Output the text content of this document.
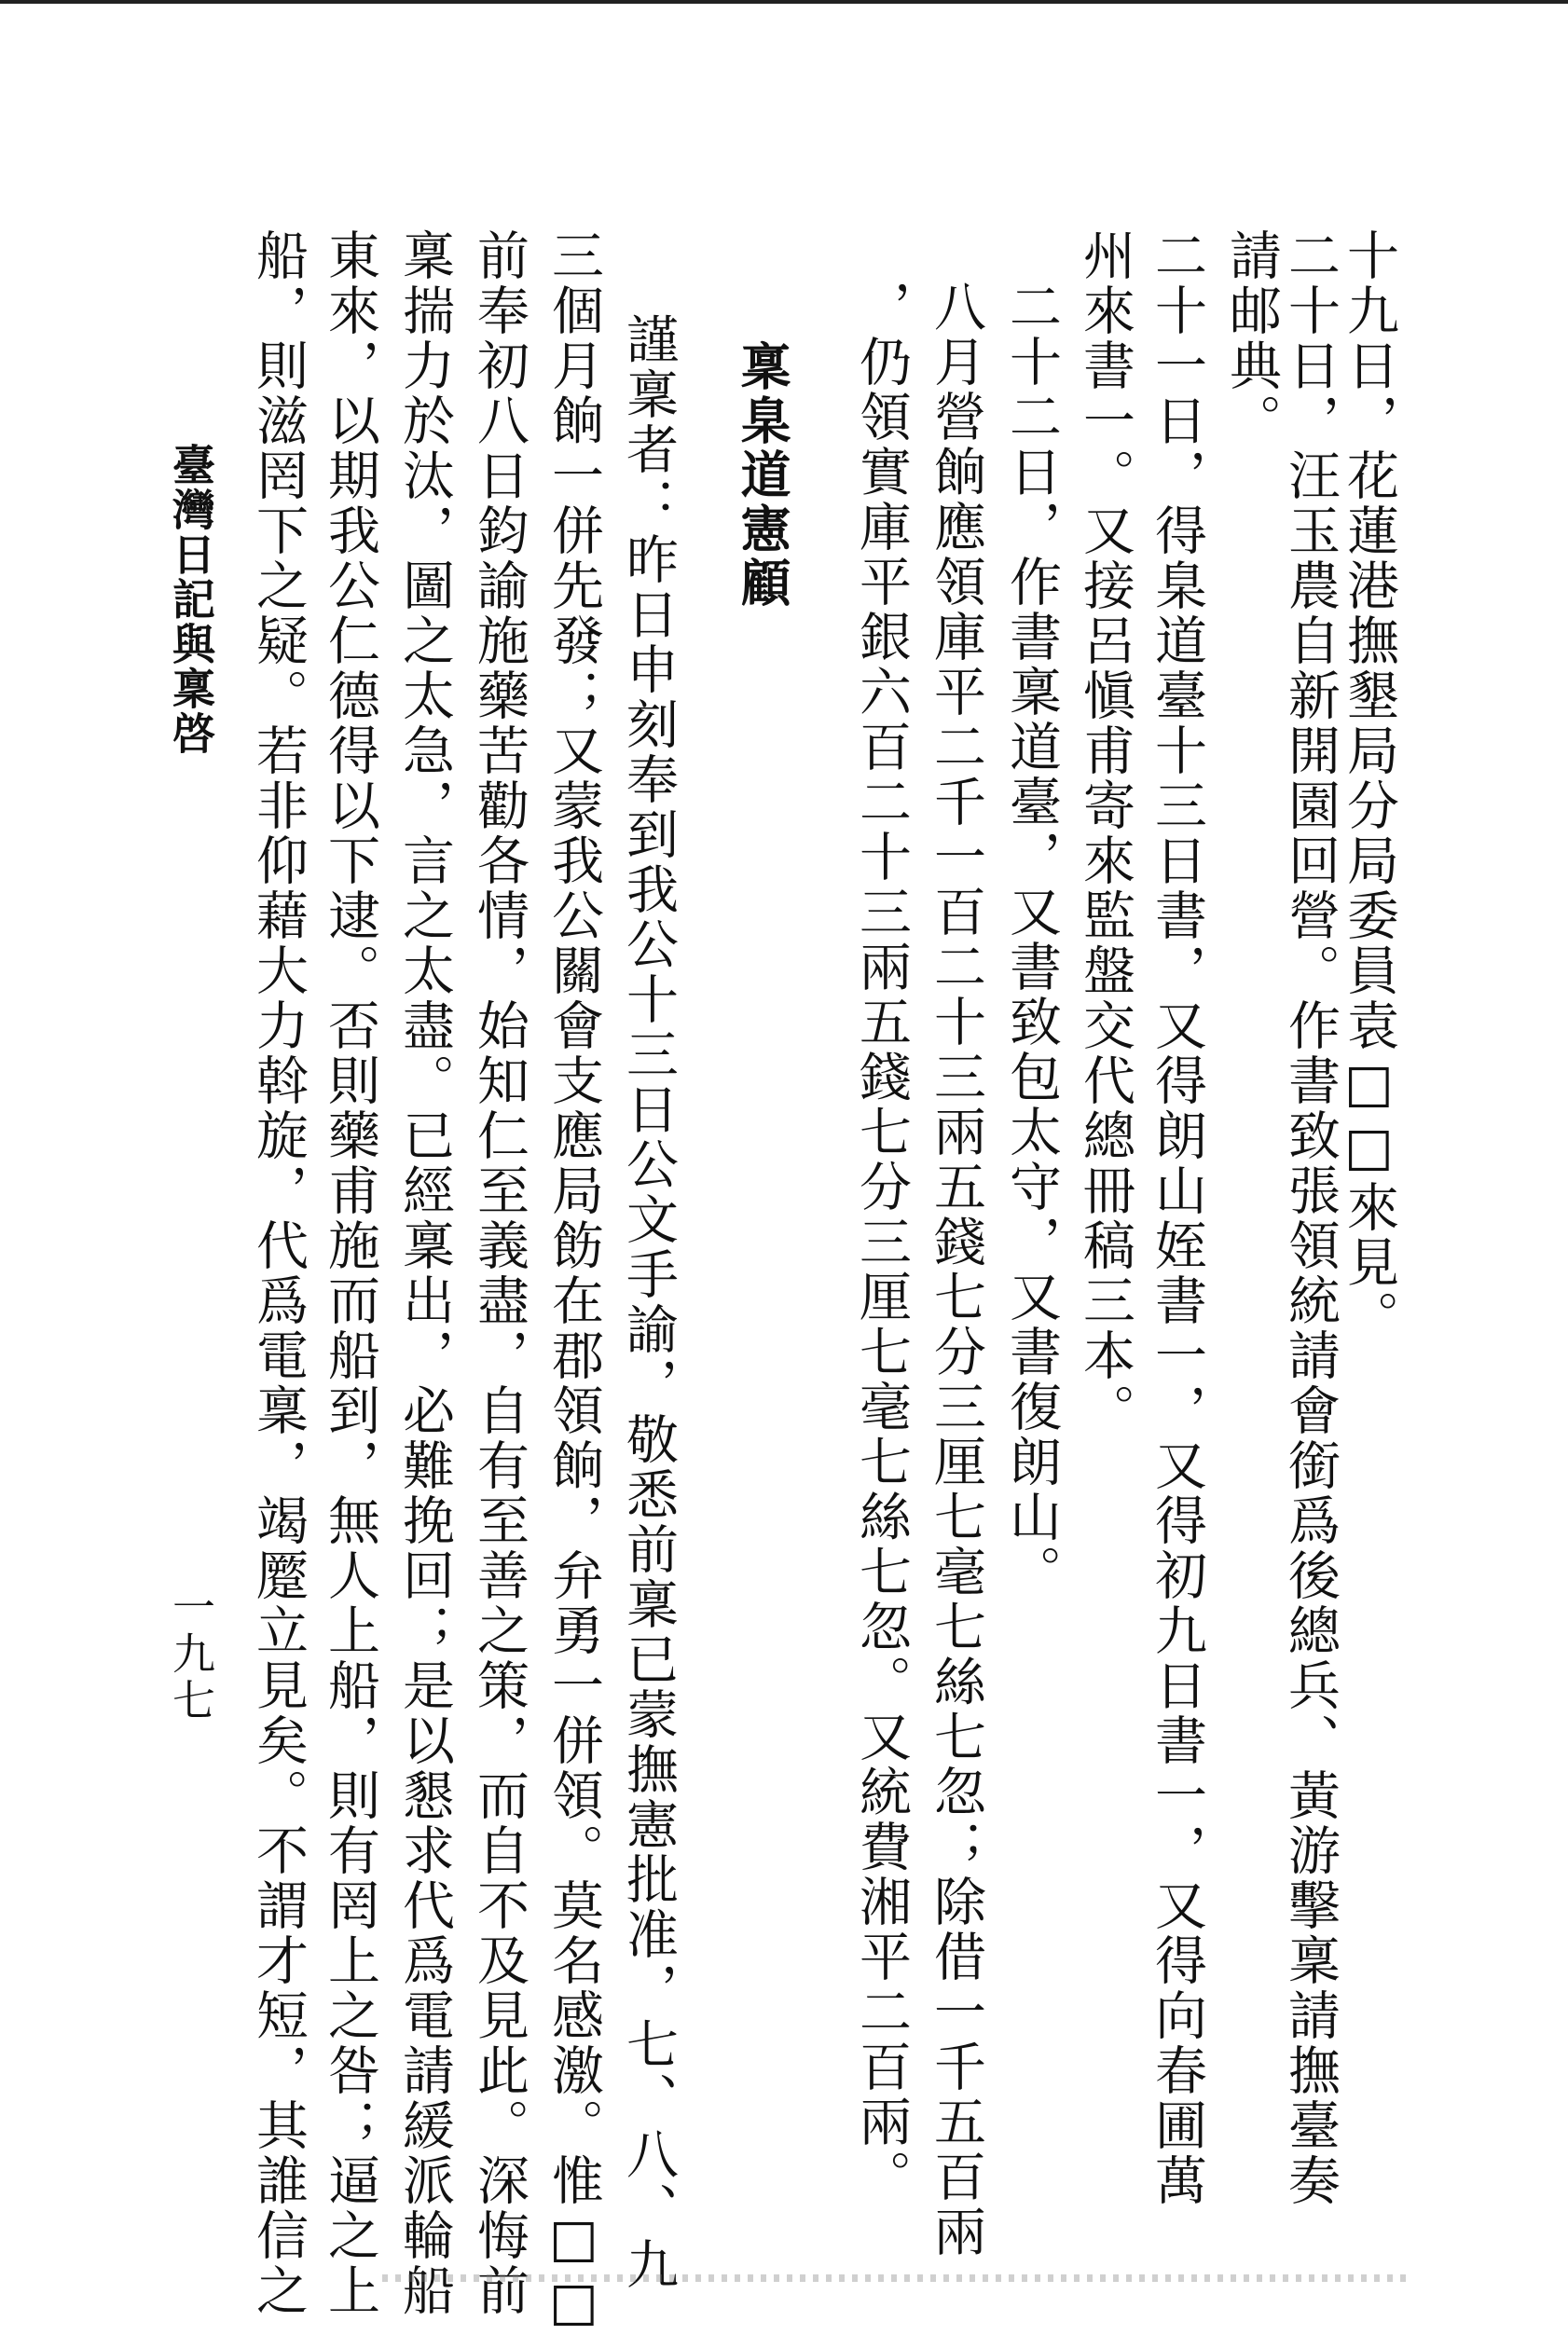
十九日，花蓮港撫墾局分局委員袁□□來見。

二十日，汪玉農自新開園回營。作書致張領統請會銜爲後總兵、黃游擊稟請撫臺奏

請邮典。

二十一日，得臬道臺十三日書，又得朗山姪書一，又得初九日書一，又得向春圃萬

州來書一。又接呂愼甫寄來監盤交代總冊稿三本。

二十二日，作書稟道臺，又書致包太守，又書復朗山。

八月營餉應領庫平二千一百二十三兩五錢七分三厘七毫七絲七忽；除借一千五百兩

，仍領實庫平銀六百二十三兩五錢七分三厘七毫七絲七忽。又統費湘平二百兩。

稟臬道憲顧

謹稟者：昨日申刻奉到我公十三日公文手諭，敬悉前稟已蒙撫憲批准，七、八、九

三個月餉一併先發；又蒙我公關會支應局飭在郡領餉，弁勇一併領。莫名感激。惟□□

前奉初八日鈞諭施藥苦勸各情，始知仁至義盡，自有至善之策，而自不及見此。深悔前

稟揣力於汰，圖之太急，言之太盡。已經稟出，必難挽回；是以懇求代爲電請緩派輪船

東來，以期我公仁德得以下逮。否則藥甫施而船到，無人上船，則有罔上之咎；逼之上

船，則滋罔下之疑。若非仰藉大力斡旋，代爲電稟，竭蹷立見矣。不謂才短，其誰信之

臺灣日記與稟啓

一九七
